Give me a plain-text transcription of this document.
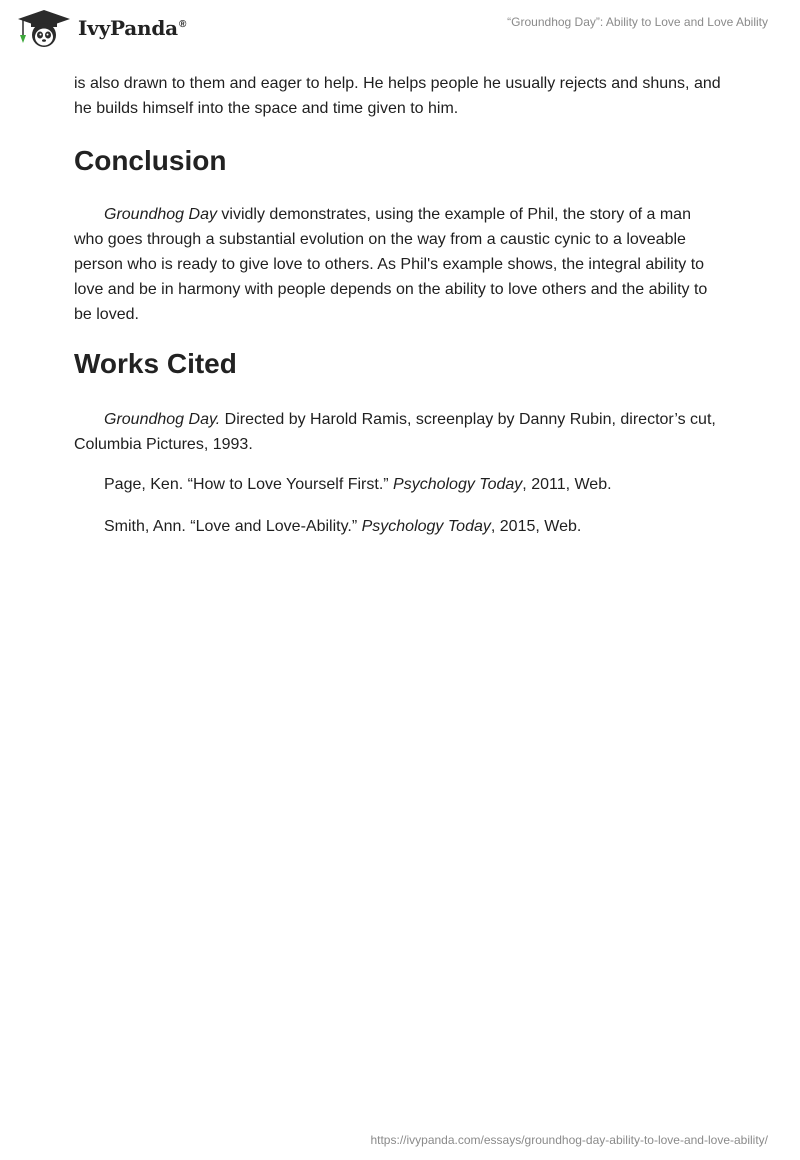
IvyPanda®	“Groundhog Day”: Ability to Love and Love Ability

is also drawn to them and eager to help. He helps people he usually rejects and shuns, and he builds himself into the space and time given to him.

Conclusion

Groundhog Day vividly demonstrates, using the example of Phil, the story of a man who goes through a substantial evolution on the way from a caustic cynic to a loveable person who is ready to give love to others. As Phil's example shows, the integral ability to love and be in harmony with people depends on the ability to love others and the ability to be loved.

Works Cited

Groundhog Day. Directed by Harold Ramis, screenplay by Danny Rubin, director’s cut, Columbia Pictures, 1993.

Page, Ken. “How to Love Yourself First.” Psychology Today, 2011, Web.

Smith, Ann. “Love and Love-Ability.” Psychology Today, 2015, Web.

https://ivypanda.com/essays/groundhog-day-ability-to-love-and-love-ability/
